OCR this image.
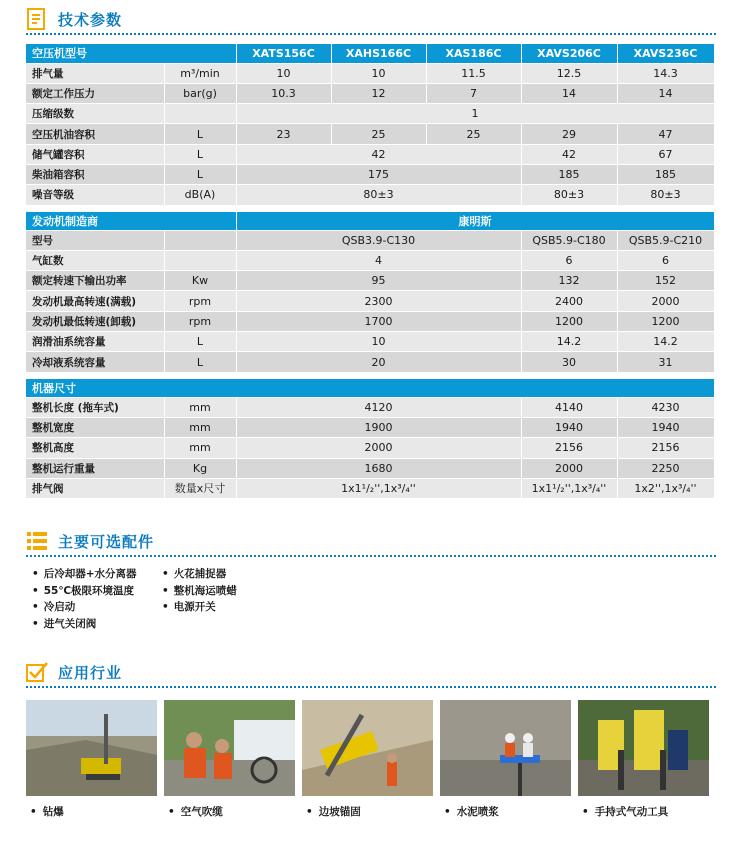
技术参数
空压机型号		XATS156C	XAHS166C	XAS186C	XAVS206C	XAVS236C
排气量	m³/min	10	10	11.5	12.5	14.3
额定工作压力	bar(g)	10.3	12	7	14	14
压缩级数		1				
空压机油容积	L	23	25	25	29	47
储气罐容积	L	42			42	67
柴油箱容积	L	175			185	185
噪音等级	dB(A)	80±3			80±3	80±3

发动机制造商		康明斯				
型号		QSB3.9-C130			QSB5.9-C180	QSB5.9-C210
气缸数		4			6	6
额定转速下输出功率	Kw	95			132	152
发动机最高转速(满载)	rpm	2300			2400	2000
发动机最低转速(卸载)	rpm	1700			1200	1200
润滑油系统容量	L	10			14.2	14.2
冷却液系统容量	L	20			30	31

机器尺寸						
整机长度 (拖车式)	mm	4120			4140	4230
整机宽度	mm	1900			1940	1940
整机高度	mm	2000			2156	2156
整机运行重量	Kg	1680			2000	2250
排气阀	数量x尺寸	1x1¹/₂'',1x³/₄''			1x1¹/₂'',1x³/₄''	1x2'',1x³/₄''
主要可选配件
• 后冷却器+水分离器
• 55℃极限环境温度
• 冷启动
• 进气关闭阀
• 火花捕捉器
• 整机海运喷蜡
• 电源开关
应用行业
• 钻爆	• 空气吹缆	• 边坡锚固	• 水泥喷浆	• 手持式气动工具
